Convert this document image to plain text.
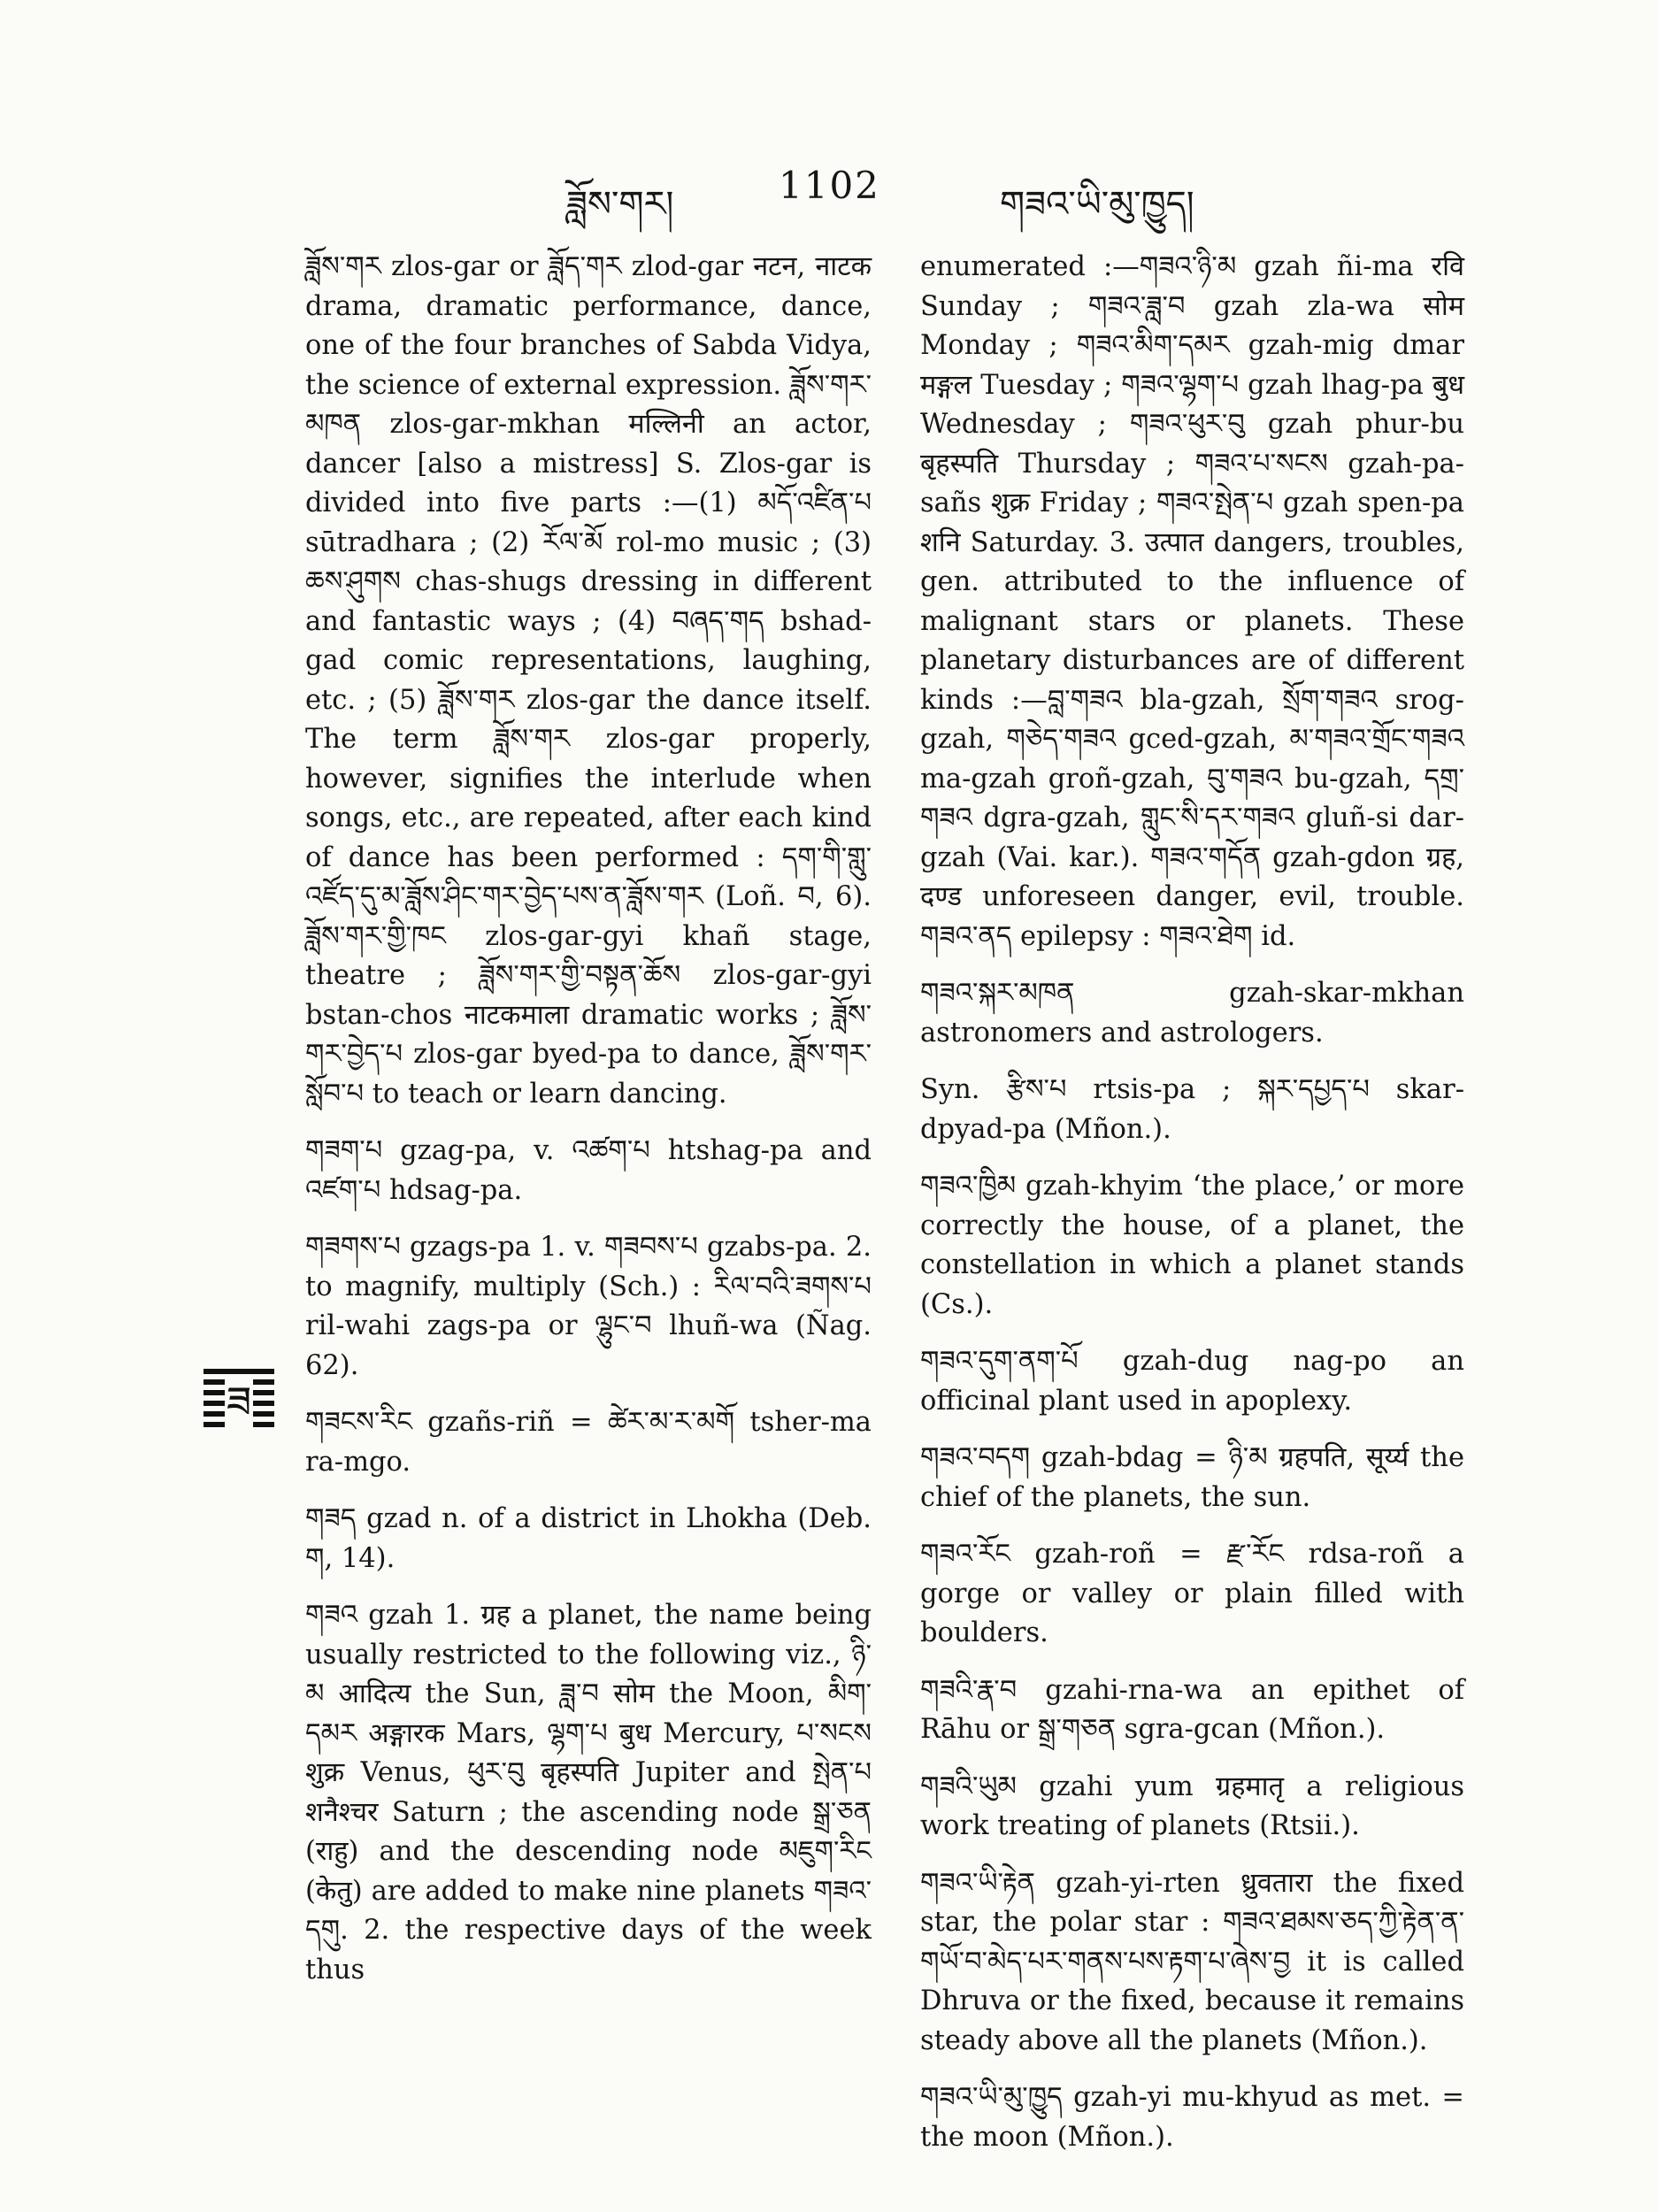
ཟློས་གར།	1102	གཟའ་ཡི་མུ་ཁྱུད།

ཟློས་གར zlos-gar or ཟློད་གར zlod-gar नटन, नाटक drama, dramatic performance, dance, one of the four branches of Sabda Vidya, the science of external expression. ཟློས་གར་མཁན zlos-gar-mkhan मल्लिनी an actor, dancer [also a mistress] S. Zlos-gar is divided into five parts :—(1) མདོ་འཛིན་པ sūtradhara ; (2) རོལ་མོ rol-mo music ; (3) ཆས་ཤུགས chas-shugs dressing in different and fantastic ways ; (4) བཞད་གད bshad-gad comic representations, laughing, etc. ; (5) ཟློས་གར zlos-gar the dance itself. The term ཟློས་གར zlos-gar properly, however, signifies the interlude when songs, etc., are repeated, after each kind of dance has been performed : དག་གི་གླུ་འཛོད་དུ་མ་ཟློས་ཤིང་གར་བྱེད་པས་ན་ཟློས་གར (Loñ. བ, 6). ཟློས་གར་གྱི་ཁང zlos-gar-gyi khañ stage, theatre ; ཟློས་གར་གྱི་བསྟན་ཆོས zlos-gar-gyi bstan-chos नाटकमाला dramatic works ; ཟློས་གར་བྱེད་པ zlos-gar byed-pa to dance, ཟློས་གར་སློབ་པ to teach or learn dancing.

གཟག་པ gzag-pa, v. འཚག་པ htshag-pa and འཛག་པ hdsag-pa.

གཟགས་པ gzags-pa 1. v. གཟབས་པ gzabs-pa. 2. to magnify, multiply (Sch.) : རིལ་བའི་ཟགས་པ ril-wahi zags-pa or ལྷུང་བ lhuñ-wa (Ñag. 62).

གཟངས་རིང gzañs-riñ = ཚེར་མ་ར་མགོ tsher-ma ra-mgo.

གཟད gzad n. of a district in Lhokha (Deb. ག, 14).

གཟའ gzah 1. ग्रह a planet, the name being usually restricted to the following viz., ཉི་མ आदित्य the Sun, ཟླ་བ सोम the Moon, མིག་དམར अङ्गारक Mars, ལྷག་པ बुध Mercury, པ་སངས शुक्र Venus, ཕུར་བུ बृहस्पति Jupiter and སྤེན་པ शनैश्चर Saturn ; the ascending node སྒྲ་ཅན (राहु) and the descending node མཇུག་རིང (केतु) are added to make nine planets གཟའ་དགུ. 2. the respective days of the week thus

enumerated :—གཟའ་ཉི་མ gzah ñi-ma रवि Sunday ; གཟའ་ཟླ་བ gzah zla-wa सोम Monday ; གཟའ་མིག་དམར gzah-mig dmar मङ्गल Tuesday ; གཟའ་ལྷག་པ gzah lhag-pa बुध Wednesday ; གཟའ་ཕུར་བུ gzah phur-bu बृहस्पति Thursday ; གཟའ་པ་སངས gzah-pa-sañs शुक्र Friday ; གཟའ་སྤེན་པ gzah spen-pa शनि Saturday. 3. उत्पात dangers, troubles, gen. attributed to the influence of malignant stars or planets. These planetary disturbances are of different kinds :—བླ་གཟའ bla-gzah, སྲོག་གཟའ srog-gzah, གཅེད་གཟའ gced-gzah, མ་གཟའ་གྲོང་གཟའ ma-gzah groñ-gzah, བུ་གཟའ bu-gzah, དགྲ་གཟའ dgra-gzah, གླུང་སི་དར་གཟའ gluñ-si dar-gzah (Vai. kar.). གཟའ་གདོན gzah-gdon ग्रह, दण्ड unforeseen danger, evil, trouble. གཟའ་ནད epilepsy : གཟའ་ཐེག id.

གཟའ་སྐར་མཁན gzah-skar-mkhan astronomers and astrologers.

Syn. རྩིས་པ rtsis-pa ; སྐར་དཔྱད་པ skar-dpyad-pa (Mñon.).

གཟའ་ཁྱིམ gzah-khyim ‘the place,’ or more correctly the house, of a planet, the constellation in which a planet stands (Cs.).

གཟའ་དུག་ནག་པོ gzah-dug nag-po an officinal plant used in apoplexy.

གཟའ་བདག gzah-bdag = ཉི་མ ग्रहपति, सूर्य्य the chief of the planets, the sun.

གཟའ་རོང gzah-roñ = རྫ་རོང rdsa-roñ a gorge or valley or plain filled with boulders.

གཟའི་རྣ་བ gzahi-rna-wa an epithet of Rāhu or སྒྲ་གཅན sgra-gcan (Mñon.).

གཟའི་ཡུམ gzahi yum ग्रहमातृ a religious work treating of planets (Rtsii.).

གཟའ་ཡི་རྟེན gzah-yi-rten ध्रुवतारा the fixed star, the polar star : གཟའ་ཐམས་ཅད་ཀྱི་རྟེན་ན་གཡོ་བ་མེད་པར་གནས་པས་རྟག་པ་ཞེས་བྱ it is called Dhruva or the fixed, because it remains steady above all the planets (Mñon.).

གཟའ་ཡི་མུ་ཁྱུད gzah-yi mu-khyud as met. = the moon (Mñon.).

ཟ
